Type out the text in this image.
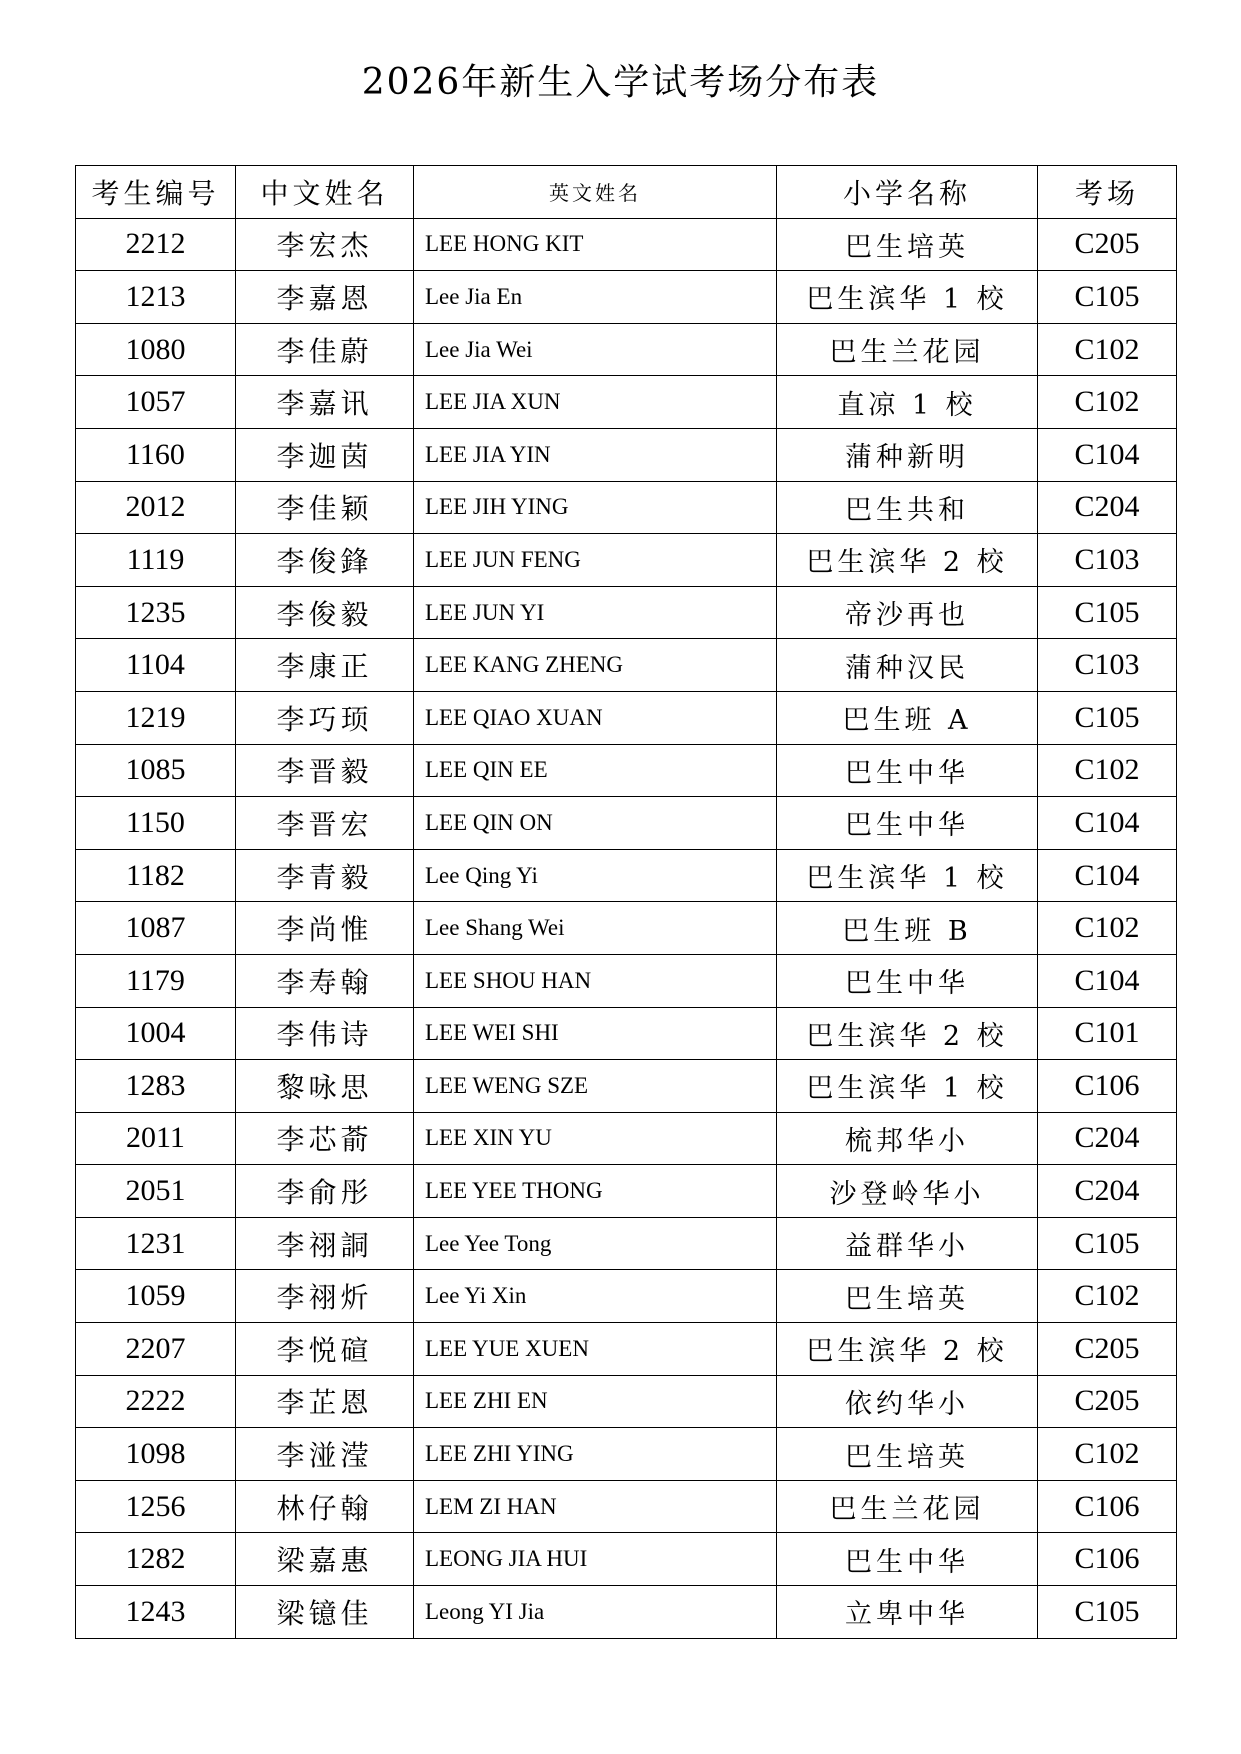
2026年新生入学试考场分布表
考生编号	中文姓名	英文姓名	小学名称	考场
2212	李宏杰	LEE HONG KIT	巴生培英	C205
1213	李嘉恩	Lee Jia En	巴生滨华 1 校	C105
1080	李佳蔚	Lee Jia Wei	巴生兰花园	C102
1057	李嘉讯	LEE JIA XUN	直凉 1 校	C102
1160	李迦茵	LEE JIA YIN	蒲种新明	C104
2012	李佳颖	LEE JIH YING	巴生共和	C204
1119	李俊鋒	LEE JUN FENG	巴生滨华 2 校	C103
1235	李俊毅	LEE JUN YI	帝沙再也	C105
1104	李康正	LEE KANG ZHENG	蒲种汉民	C103
1219	李巧顼	LEE QIAO XUAN	巴生班 A	C105
1085	李晋毅	LEE QIN EE	巴生中华	C102
1150	李晋宏	LEE QIN ON	巴生中华	C104
1182	李青毅	Lee Qing Yi	巴生滨华 1 校	C104
1087	李尚惟	Lee Shang Wei	巴生班 B	C102
1179	李寿翰	LEE SHOU HAN	巴生中华	C104
1004	李伟诗	LEE WEI SHI	巴生滨华 2 校	C101
1283	黎咏思	LEE WENG SZE	巴生滨华 1 校	C106
2011	李芯萮	LEE XIN YU	梳邦华小	C204
2051	李俞彤	LEE YEE THONG	沙登岭华小	C204
1231	李祤詷	Lee Yee Tong	益群华小	C105
1059	李祤炘	Lee Yi Xin	巴生培英	C102
2207	李悦碹	LEE YUE XUEN	巴生滨华 2 校	C205
2222	李芷恩	LEE ZHI EN	依约华小	C205
1098	李湴滢	LEE ZHI YING	巴生培英	C102
1256	林仔翰	LEM ZI HAN	巴生兰花园	C106
1282	梁嘉惠	LEONG JIA HUI	巴生中华	C106
1243	梁镱佳	Leong YI Jia	立卑中华	C105
